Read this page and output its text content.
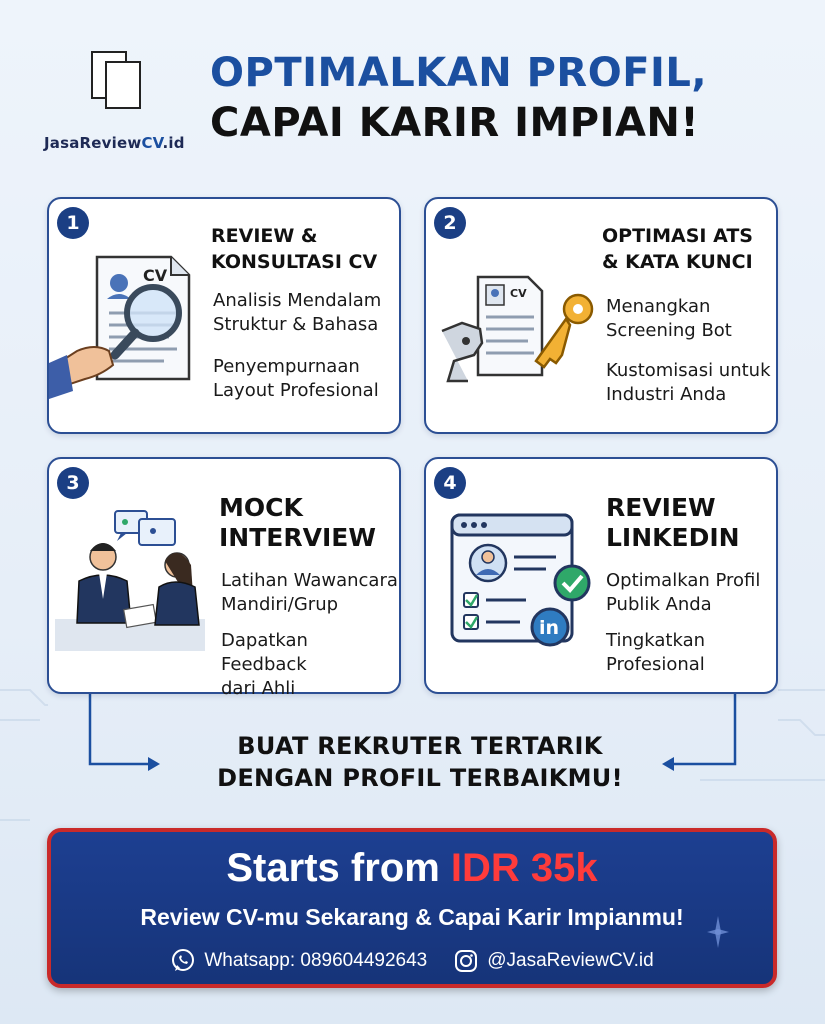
JasaReviewCV.id
OPTIMALKAN PROFIL,
CAPAI KARIR IMPIAN!
1
CV
REVIEW &
KONSULTASI CV
Analisis Mendalam
Struktur & Bahasa
Penyempurnaan
Layout Profesional
2
CV
OPTIMASI ATS
& KATA KUNCI
Menangkan
Screening Bot
Kustomisasi untuk
Industri Anda
3
MOCK
INTERVIEW
Latihan Wawancara
Mandiri/Grup
Dapatkan Feedback
dari Ahli
4
in
REVIEW
LINKEDIN
Optimalkan Profil
Publik Anda
Tingkatkan
Profesional
BUAT REKRUTER TERTARIK
DENGAN PROFIL TERBAIKMU!
Starts from IDR 35k
Review CV-mu Sekarang & Capai Karir Impianmu!
Whatsapp: 089604492643	@JasaReviewCV.id
